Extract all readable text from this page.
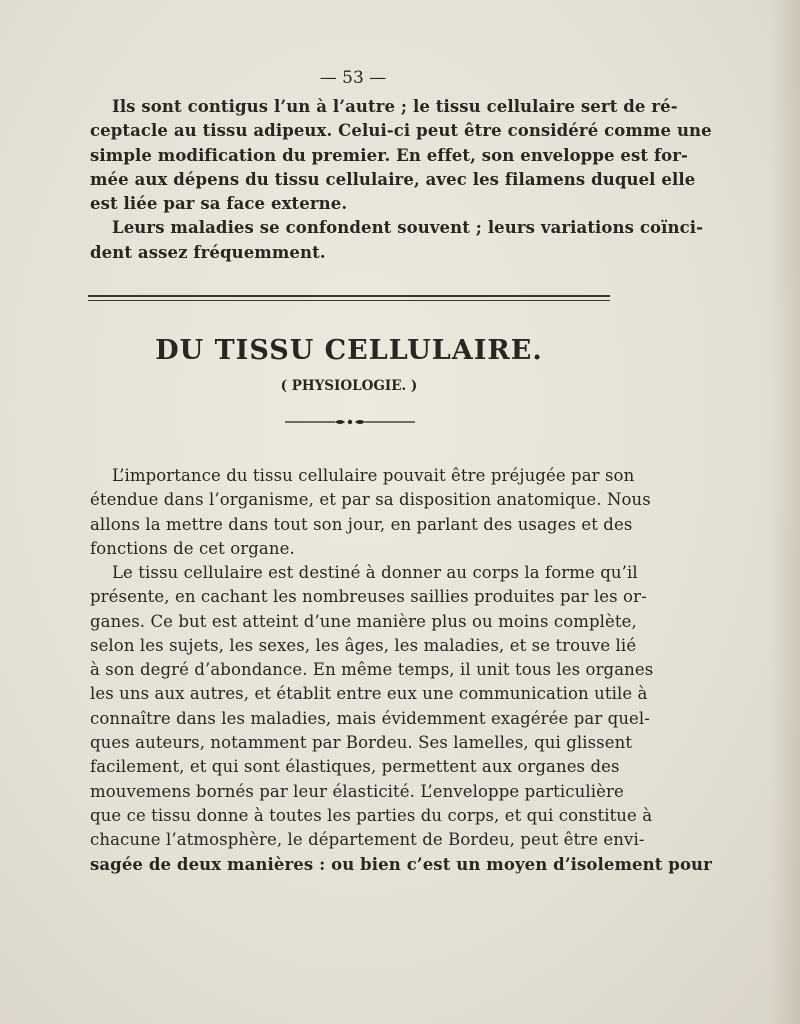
— 53 —
Ils sont contigus l’un à l’autre ; le tissu cellulaire sert de ré-
ceptacle au tissu adipeux. Celui-ci peut être considéré comme une
simple modification du premier. En effet, son enveloppe est for-
mée aux dépens du tissu cellulaire, avec les filamens duquel elle
est liée par sa face externe.
Leurs maladies se confondent souvent ; leurs variations coïnci-
dent assez fréquemment.
DU TISSU CELLULAIRE.
( PHYSIOLOGIE. )
L’importance du tissu cellulaire pouvait être préjugée par son
étendue dans l’organisme, et par sa disposition anatomique. Nous
allons la mettre dans tout son jour, en parlant des usages et des
fonctions de cet organe.
Le tissu cellulaire est destiné à donner au corps la forme qu’il
présente, en cachant les nombreuses saillies produites par les or-
ganes. Ce but est atteint d’une manière plus ou moins complète,
selon les sujets, les sexes, les âges, les maladies, et se trouve lié
à son degré d’abondance. En même temps, il unit tous les organes
les uns aux autres, et établit entre eux une communication utile à
connaître dans les maladies, mais évidemment exagérée par quel-
ques auteurs, notamment par Bordeu. Ses lamelles, qui glissent
facilement, et qui sont élastiques, permettent aux organes des
mouvemens bornés par leur élasticité. L’enveloppe particulière
que ce tissu donne à toutes les parties du corps, et qui constitue à
chacune l’atmosphère, le département de Bordeu, peut être envi-
sagée de deux manières : ou bien c’est un moyen d’isolement pour
